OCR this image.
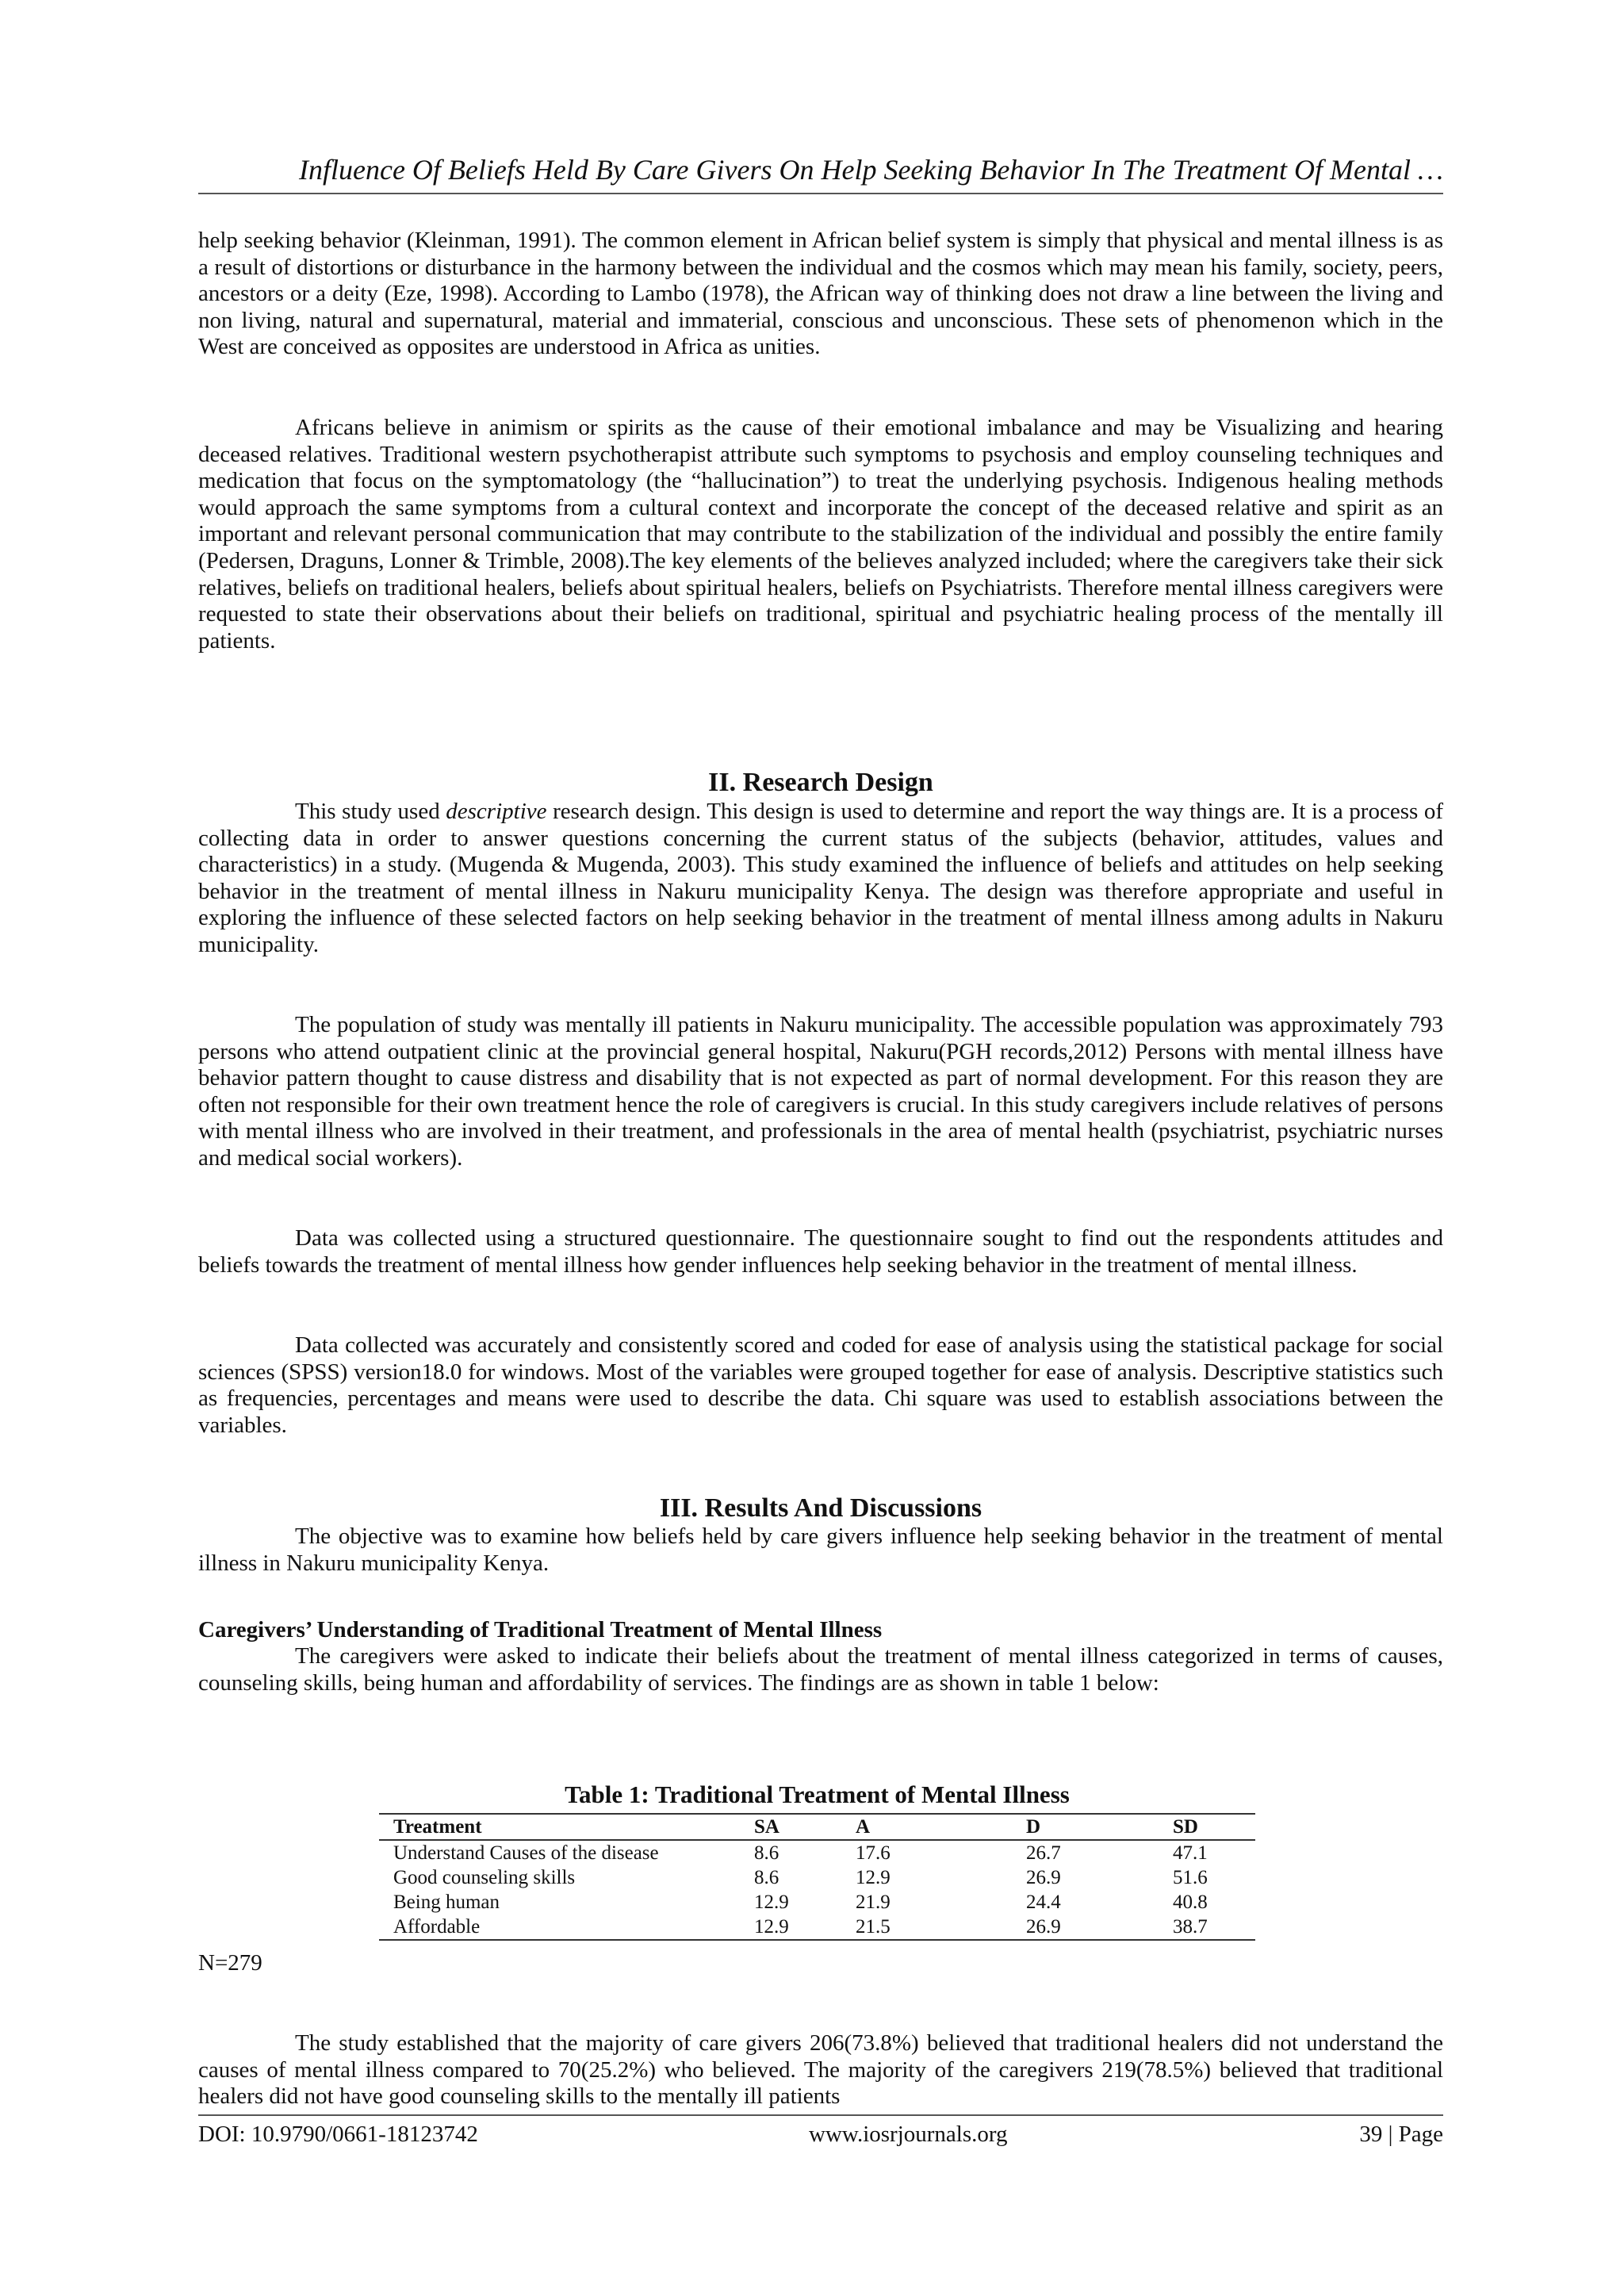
Influence Of Beliefs Held By Care Givers On Help Seeking Behavior In The Treatment Of Mental …

help seeking behavior (Kleinman, 1991). The common element in African belief system is simply that physical and mental illness is as a result of distortions or disturbance in the harmony between the individual and the cosmos which may mean his family, society, peers, ancestors or a deity (Eze, 1998). According to Lambo (1978), the African way of thinking does not draw a line between the living and non living, natural and supernatural, material and immaterial, conscious and unconscious. These sets of phenomenon which in the West are conceived as opposites are understood in Africa as unities.

Africans believe in animism or spirits as the cause of their emotional imbalance and may be Visualizing and hearing deceased relatives. Traditional western psychotherapist attribute such symptoms to psychosis and employ counseling techniques and medication that focus on the symptomatology (the “hallucination”) to treat the underlying psychosis. Indigenous healing methods would approach the same symptoms from a cultural context and incorporate the concept of the deceased relative and spirit as an important and relevant personal communication that may contribute to the stabilization of the individual and possibly the entire family (Pedersen, Draguns, Lonner & Trimble, 2008).The key elements of the believes analyzed included; where the caregivers take their sick relatives, beliefs on traditional healers, beliefs about spiritual healers, beliefs on Psychiatrists. Therefore mental illness caregivers were requested to state their observations about their beliefs on traditional, spiritual and psychiatric healing process of the mentally ill patients.

II. Research Design

This study used descriptive research design. This design is used to determine and report the way things are. It is a process of collecting data in order to answer questions concerning the current status of the subjects (behavior, attitudes, values and characteristics) in a study. (Mugenda & Mugenda, 2003). This study examined the influence of beliefs and attitudes on help seeking behavior in the treatment of mental illness in Nakuru municipality Kenya. The design was therefore appropriate and useful in exploring the influence of these selected factors on help seeking behavior in the treatment of mental illness among adults in Nakuru municipality.

The population of study was mentally ill patients in Nakuru municipality. The accessible population was approximately 793 persons who attend outpatient clinic at the provincial general hospital, Nakuru(PGH records,2012) Persons with mental illness have behavior pattern thought to cause distress and disability that is not expected as part of normal development. For this reason they are often not responsible for their own treatment hence the role of caregivers is crucial. In this study caregivers include relatives of persons with mental illness who are involved in their treatment, and professionals in the area of mental health (psychiatrist, psychiatric nurses and medical social workers).

Data was collected using a structured questionnaire. The questionnaire sought to find out the respondents attitudes and beliefs towards the treatment of mental illness how gender influences help seeking behavior in the treatment of mental illness.

Data collected was accurately and consistently scored and coded for ease of analysis using the statistical package for social sciences (SPSS) version18.0 for windows. Most of the variables were grouped together for ease of analysis. Descriptive statistics such as frequencies, percentages and means were used to describe the data. Chi square was used to establish associations between the variables.

III. Results And Discussions

The objective was to examine how beliefs held by care givers influence help seeking behavior in the treatment of mental illness in Nakuru municipality Kenya.

Caregivers’ Understanding of Traditional Treatment of Mental Illness

The caregivers were asked to indicate their beliefs about the treatment of mental illness categorized in terms of causes, counseling skills, being human and affordability of services. The findings are as shown in table 1 below:

Table 1: Traditional Treatment of Mental Illness
Treatment	SA	A	D	SD
Understand Causes of the disease	8.6	17.6	26.7	47.1
Good counseling skills	8.6	12.9	26.9	51.6
Being human	12.9	21.9	24.4	40.8
Affordable	12.9	21.5	26.9	38.7
N=279

The study established that the majority of care givers 206(73.8%) believed that traditional healers did not understand the causes of mental illness compared to 70(25.2%) who believed. The majority of the caregivers 219(78.5%) believed that traditional healers did not have good counseling skills to the mentally ill patients

DOI: 10.9790/0661-18123742	www.iosrjournals.org	39 | Page
